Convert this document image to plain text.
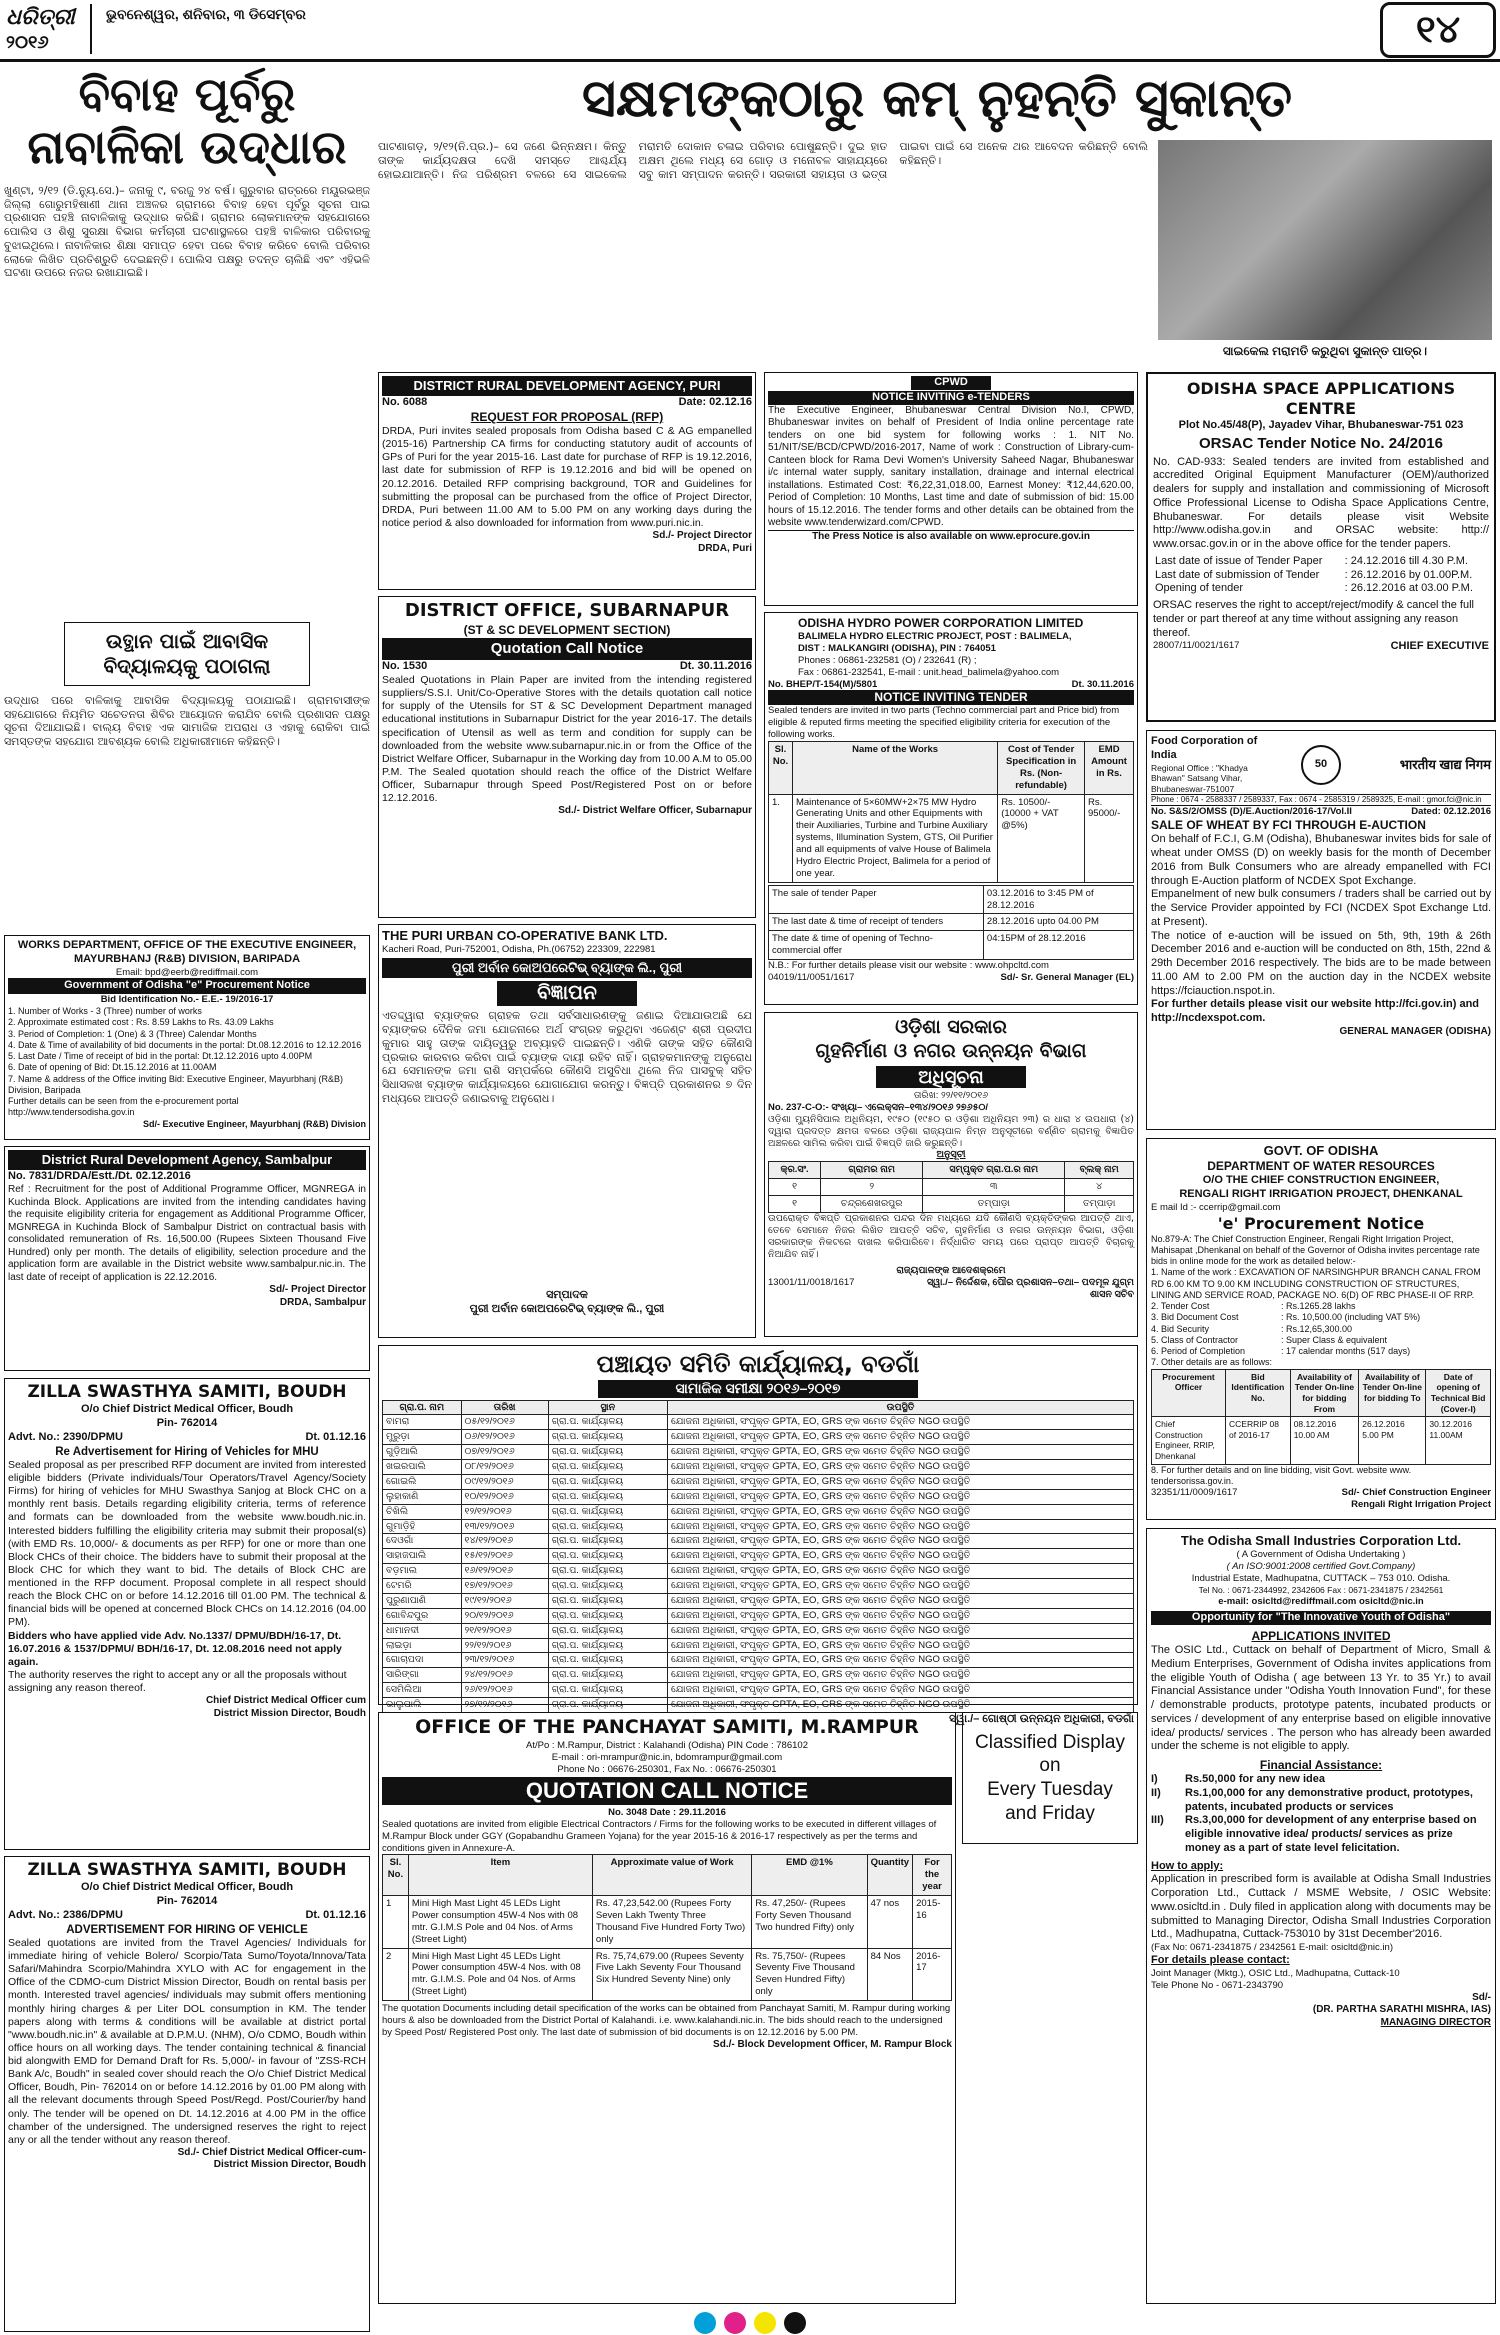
ଧରିତ୍ରୀ
୨୦୧୬
ଭୁବନେଶ୍ୱର, ଶନିବାର, ୩ ଡିସେମ୍ବର	୧୪
ବିବାହ ପୂର୍ବରୁ
ନାବାଳିକା ଉଦ୍ଧାର
ଖୁଣ୍ଟା, ୨/୧୨ (ଡି.ନ୍ୟୁ.ସେ.)– ଜନାକୁ ୯, ବରଜୁ ୨୪ ବର୍ଷ। ଗୁରୁବାର ରାତ୍ରରେ ମୟୂରଭଞ୍ଜ ଜିଲ୍ଲା ଗୋରୁମହିଷାଣୀ ଥାନା ଅଞ୍ଚଳର ଗ୍ରାମରେ ବିବାହ ହେବା ପୂର୍ବରୁ ସୂଚନା ପାଇ ପ୍ରଶାସନ ପହଞ୍ଚି ନାବାଳିକାକୁ ଉଦ୍ଧାର କରିଛି। ଗ୍ରାମର ଲୋକମାନଙ୍କ ସହଯୋଗରେ ପୋଲିସ ଓ ଶିଶୁ ସୁରକ୍ଷା ବିଭାଗ କର୍ମଚାରୀ ଘଟଣାସ୍ଥଳରେ ପହଞ୍ଚି ବାଳିକାର ପରିବାରକୁ ବୁଝାଇଥିଲେ। ନାବାଳିକାର ଶିକ୍ଷା ସମାପ୍ତ ହେବା ପରେ ବିବାହ କରିବେ ବୋଲି ପରିବାର ଲୋକେ ଲିଖିତ ପ୍ରତିଶ୍ରୁତି ଦେଇଛନ୍ତି। ପୋଲିସ ପକ୍ଷରୁ ତଦନ୍ତ ଚାଲିଛି ଏବଂ ଏହିଭଳି ଘଟଣା ଉପରେ ନଜର ରଖାଯାଇଛି।
ଉତ୍ଥାନ ପାଇଁ ଆବାସିକ ବିଦ୍ୟାଳୟକୁ ପଠାଗଲା
ଉଦ୍ଧାର ପରେ ବାଳିକାକୁ ଆବାସିକ ବିଦ୍ୟାଳୟକୁ ପଠାଯାଇଛି। ଗ୍ରାମବାସୀଙ୍କ ସହଯୋଗରେ ନିୟମିତ ସଚେତନତା ଶିବିର ଆୟୋଜନ କରାଯିବ ବୋଲି ପ୍ରଶାସନ ପକ୍ଷରୁ ସୂଚନା ଦିଆଯାଇଛି। ବାଲ୍ୟ ବିବାହ ଏକ ସାମାଜିକ ଅପରାଧ ଓ ଏହାକୁ ରୋକିବା ପାଇଁ ସମସ୍ତଙ୍କ ସହଯୋଗ ଆବଶ୍ୟକ ବୋଲି ଅଧିକାରୀମାନେ କହିଛନ୍ତି।
ସକ୍ଷମଙ୍କଠାରୁ କମ୍ ନୁହନ୍ତି ସୁକାନ୍ତ
ପାଟଣାଗଡ଼, ୨/୧୨(ନି.ପ୍ର.)– ସେ ଜଣେ ଭିନ୍ନକ୍ଷମ। କିନ୍ତୁ ତାଙ୍କ କାର୍ଯ୍ୟଦକ୍ଷତା ଦେଖି ସମସ୍ତେ ଆଶ୍ଚର୍ଯ୍ୟ ହୋଇଯାଆନ୍ତି। ନିଜ ପରିଶ୍ରମ ବଳରେ ସେ ସାଇକେଲ ମରାମତି ଦୋକାନ ଚଳାଇ ପରିବାର ପୋଷୁଛନ୍ତି। ଦୁଇ ହାତ ଅକ୍ଷମ ଥିଲେ ମଧ୍ୟ ସେ ଗୋଡ଼ ଓ ମନୋବଳ ସାହାଯ୍ୟରେ ସବୁ କାମ ସମ୍ପାଦନ କରନ୍ତି। ସରକାରୀ ସହାୟତା ଓ ଭତ୍ତା ପାଇବା ପାଇଁ ସେ ଅନେକ ଥର ଆବେଦନ କରିଛନ୍ତି ବୋଲି କହିଛନ୍ତି।
ସାଇକେଲ ମରାମତି କରୁଥିବା ସୁକାନ୍ତ ପାତ୍ର।
WORKS DEPARTMENT, OFFICE OF THE EXECUTIVE ENGINEER, MAYURBHANJ (R&B) DIVISION, BARIPADA
Email: bpd@eerb@rediffmail.com
Government of Odisha "e" Procurement Notice
Bid Identification No.- E.E.- 19/2016-17
1. Number of Works - 3 (Three) number of works
2. Approximate estimated cost : Rs. 8.59 Lakhs to Rs. 43.09 Lakhs
3. Period of Completion: 1 (One) & 3 (Three) Calendar Months
4. Date & Time of availability of bid documents in the portal: Dt.08.12.2016 to 12.12.2016
5. Last Date / Time of receipt of bid in the portal: Dt.12.12.2016 upto 4.00PM
6. Date of opening of Bid: Dt.15.12.2016 at 11.00AM
7. Name & address of the Office inviting Bid: Executive Engineer, Mayurbhanj (R&B) Division, Baripada
Further details can be seen from the e-procurement portal http://www.tendersodisha.gov.in
Sd/- Executive Engineer, Mayurbhanj (R&B) Division
District Rural Development Agency, Sambalpur
No. 7831/DRDA/Estt./Dt. 02.12.2016
Ref : Recruitment for the post of Additional Programme Officer, MGNREGA in Kuchinda Block. Applications are invited from the intending candidates having the requisite eligibility criteria for engagement as Additional Programme Officer, MGNREGA in Kuchinda Block of Sambalpur District on contractual basis with consolidated remuneration of Rs. 16,500.00 (Rupees Sixteen Thousand Five Hundred) only per month. The details of eligibility, selection procedure and the application form are available in the District website www.sambalpur.nic.in. The last date of receipt of application is 22.12.2016.
Sd/- Project Director
DRDA, Sambalpur
ZILLA SWASTHYA SAMITI, BOUDH
O/o Chief District Medical Officer, Boudh
Pin- 762014
Advt. No.: 2390/DPMU	Dt. 01.12.16
Re Advertisement for Hiring of Vehicles for MHU
Sealed proposal as per prescribed RFP document are invited from interested eligible bidders (Private individuals/Tour Operators/Travel Agency/Society Firms) for hiring of vehicles for MHU Swasthya Sanjog at Block CHC on a monthly rent basis. Details regarding eligibility criteria, terms of reference and formats can be downloaded from the website www.boudh.nic.in. Interested bidders fulfilling the eligibility criteria may submit their proposal(s) (with EMD Rs. 10,000/- & documents as per RFP) for one or more than one Block CHCs of their choice. The bidders have to submit their proposal at the Block CHC for which they want to bid. The details of Block CHC are mentioned in the RFP document. Proposal complete in all respect should reach the Block CHC on or before 14.12.2016 till 01.00 PM. The technical & financial bids will be opened at concerned Block CHCs on 14.12.2016 (04.00 PM).
Bidders who have applied vide Adv. No.1337/ DPMU/BDH/16-17, Dt. 16.07.2016 & 1537/DPMU/ BDH/16-17, Dt. 12.08.2016 need not apply again.
The authority reserves the right to accept any or all the proposals without assigning any reason thereof.
Chief District Medical Officer cum
District Mission Director, Boudh
ZILLA SWASTHYA SAMITI, BOUDH
O/o Chief District Medical Officer, Boudh
Pin- 762014
Advt. No.: 2386/DPMU	Dt. 01.12.16
ADVERTISEMENT FOR HIRING OF VEHICLE
Sealed quotations are invited from the Travel Agencies/ Individuals for immediate hiring of vehicle Bolero/ Scorpio/Tata Sumo/Toyota/Innova/Tata Safari/Mahindra Scorpio/Mahindra XYLO with AC for engagement in the Office of the CDMO-cum District Mission Director, Boudh on rental basis per month. Interested travel agencies/ individuals may submit offers mentioning monthly hiring charges & per Liter DOL consumption in KM. The tender papers along with terms & conditions will be available at district portal "www.boudh.nic.in" & available at D.P.M.U. (NHM), O/o CDMO, Boudh within office hours on all working days. The tender containing technical & financial bid alongwith EMD for Demand Draft for Rs. 5,000/- in favour of "ZSS-RCH Bank A/c, Boudh" in sealed cover should reach the O/o Chief District Medical Officer, Boudh, Pin- 762014 on or before 14.12.2016 by 01.00 PM along with all the relevant documents through Speed Post/Regd. Post/Courier/by hand only. The tender will be opened on Dt. 14.12.2016 at 4.00 PM in the office chamber of the undersigned. The undersigned reserves the right to reject any or all the tender without any reason thereof.
Sd./- Chief District Medical Officer-cum-
District Mission Director, Boudh
DISTRICT RURAL DEVELOPMENT AGENCY, PURI
No. 6088	Date: 02.12.16
REQUEST FOR PROPOSAL (RFP)
DRDA, Puri invites sealed proposals from Odisha based C & AG empanelled (2015-16) Partnership CA firms for conducting statutory audit of accounts of GPs of Puri for the year 2015-16. Last date for purchase of RFP is 19.12.2016, last date for submission of RFP is 19.12.2016 and bid will be opened on 20.12.2016. Detailed RFP comprising background, TOR and Guidelines for submitting the proposal can be purchased from the office of Project Director, DRDA, Puri between 11.00 AM to 5.00 PM on any working days during the notice period & also downloaded for information from www.puri.nic.in.
Sd./- Project Director
DRDA, Puri
DISTRICT OFFICE, SUBARNAPUR
(ST & SC DEVELOPMENT SECTION)
Quotation Call Notice
No. 1530	Dt. 30.11.2016
Sealed Quotations in Plain Paper are invited from the intending registered suppliers/S.S.I. Unit/Co-Operative Stores with the details quotation call notice for supply of the Utensils for ST & SC Development Department managed educational institutions in Subarnapur District for the year 2016-17. The details specification of Utensil as well as term and condition for supply can be downloaded from the website www.subarnapur.nic.in or from the Office of the District Welfare Officer, Subarnapur in the Working day from 10.00 A.M to 05.00 P.M. The Sealed quotation should reach the office of the District Welfare Officer, Subarnapur through Speed Post/Registered Post on or before 12.12.2016.
Sd./- District Welfare Officer, Subarnapur
THE PURI URBAN CO-OPERATIVE BANK LTD.
Kacheri Road, Puri-752001, Odisha, Ph.(06752) 223309, 222981
ପୁରୀ ଅର୍ବାନ କୋଅପରେଟିଭ୍ ବ୍ୟାଙ୍କ ଲି., ପୁରୀ
ବିଜ୍ଞାପନ
ଏତଦ୍ଦ୍ୱାରା ବ୍ୟାଙ୍କର ଗ୍ରାହକ ତଥା ସର୍ବସାଧାରଣଙ୍କୁ ଜଣାଇ ଦିଆଯାଉଅଛି ଯେ ବ୍ୟାଙ୍କର ଦୈନିକ ଜମା ଯୋଜନାରେ ଅର୍ଥ ସଂଗ୍ରହ କରୁଥିବା ଏଜେଣ୍ଟ ଶ୍ରୀ ପ୍ରଦୀପ କୁମାର ସାହୁ ତାଙ୍କ ଦାୟିତ୍ୱରୁ ଅବ୍ୟାହତି ପାଇଛନ୍ତି। ଏଣିକି ତାଙ୍କ ସହିତ କୌଣସି ପ୍ରକାର କାରବାର କରିବା ପାଇଁ ବ୍ୟାଙ୍କ ଦାୟୀ ରହିବ ନାହିଁ। ଗ୍ରାହକମାନଙ୍କୁ ଅନୁରୋଧ ଯେ ସେମାନଙ୍କ ଜମା ରାଶି ସମ୍ପର୍କରେ କୌଣସି ଅସୁବିଧା ଥିଲେ ନିଜ ପାସବୁକ୍ ସହିତ ସିଧାସଳଖ ବ୍ୟାଙ୍କ କାର୍ଯ୍ୟାଳୟରେ ଯୋଗାଯୋଗ କରନ୍ତୁ। ବିଜ୍ଞପ୍ତି ପ୍ରକାଶନର ୭ ଦିନ ମଧ୍ୟରେ ଆପତ୍ତି ଜଣାଇବାକୁ ଅନୁରୋଧ।
ସମ୍ପାଦକ
ପୁରୀ ଅର୍ବାନ କୋଅପରେଟିଭ୍ ବ୍ୟାଙ୍କ ଲି., ପୁରୀ
CPWD
NOTICE INVITING e-TENDERS
The Executive Engineer, Bhubaneswar Central Division No.I, CPWD, Bhubaneswar invites on behalf of President of India online percentage rate tenders on one bid system for following works : 1. NIT No. 51/NIT/SE/BCD/CPWD/2016-2017, Name of work : Construction of Library-cum-Canteen block for Rama Devi Women's University Saheed Nagar, Bhubaneswar i/c internal water supply, sanitary installation, drainage and internal electrical installations. Estimated Cost: ₹6,22,31,018.00, Earnest Money: ₹12,44,620.00, Period of Completion: 10 Months, Last time and date of submission of bid: 15.00 hours of 15.12.2016. The tender forms and other details can be obtained from the website www.tenderwizard.com/CPWD.
The Press Notice is also available on www.eprocure.gov.in
ODISHA HYDRO POWER CORPORATION LIMITED
BALIMELA HYDRO ELECTRIC PROJECT, POST : BALIMELA,
DIST : MALKANGIRI (ODISHA), PIN : 764051
Phones : 06861-232581 (O) / 232641 (R) ;
Fax : 06861-232541, E-mail : unit.head_balimela@yahoo.com
No. BHEP/T-154(M)/5801	Dt. 30.11.2016
NOTICE INVITING TENDER
Sealed tenders are invited in two parts (Techno commercial part and Price bid) from eligible & reputed firms meeting the specified eligibility criteria for execution of the following works.
Sl. No.	Name of the Works	Cost of Tender Specification in Rs. (Non-refundable)	EMD Amount in Rs.
1.	Maintenance of 5×60MW+2×75 MW Hydro Generating Units and other Equipments with their Auxiliaries, Turbine and Turbine Auxiliary systems, Illumination System, GTS, Oil Purifier and all equipments of valve House of Balimela Hydro Electric Project, Balimela for a period of one year.	Rs. 10500/- (10000 + VAT @5%)	Rs. 95000/-
The sale of tender Paper	03.12.2016 to 3:45 PM of 28.12.2016
The last date & time of receipt of tenders	28.12.2016 upto 04.00 PM
The date & time of opening of Techno-commercial offer	04:15PM of 28.12.2016
N.B.: For further details please visit our website : www.ohpcltd.com
04019/11/0051/1617	Sd/- Sr. General Manager (EL)
ଓଡ଼ିଶା ସରକାର
ଗୃହନିର୍ମାଣ ଓ ନଗର ଉନ୍ନୟନ ବିଭାଗ
ଅଧିସୂଚନା
ତାରିଖ: ୨୨/୧୧/୨୦୧୬
No. 237-C-O:- ସଂଖ୍ୟା– ଏଲେକ୍ସନ–୧୩୪/୨୦୧୬ ୨୭୬୫୦/
ଓଡ଼ିଶା ମ୍ୟୁନିସିପାଲ ଅଧିନିୟମ, ୧୯୫୦ (୧୯୫୦ ର ଓଡ଼ିଶା ଅଧିନିୟମ ୨୩) ର ଧାରା ୪ ଉପଧାରା (୪) ଦ୍ୱାରା ପ୍ରଦତ୍ତ କ୍ଷମତା ବଳରେ ଓଡ଼ିଶା ରାଜ୍ୟପାଳ ନିମ୍ନ ଅନୁସୂଚୀରେ ବର୍ଣ୍ଣିତ ଗ୍ରାମକୁ ବିଜ୍ଞାପିତ ଅଞ୍ଚଳରେ ସାମିଲ କରିବା ପାଇଁ ବିଜ୍ଞପ୍ତି ଜାରି କରୁଛନ୍ତି।
ଅନୁସୂଚୀ
କ୍ର.ସଂ.	ଗ୍ରାମର ନାମ	ସମ୍ପୃକ୍ତ ଗ୍ରା.ପ.ର ନାମ	ବ୍ଲକ୍ ନାମ
୧	୨	୩	୪
୧	ଚନ୍ଦ୍ରଶେଖରପୁର	ତମ୍ପାଡ଼ା	ତମ୍ପାଡ଼ା
ଉପରୋକ୍ତ ବିଜ୍ଞପ୍ତି ପ୍ରକାଶନର ପନ୍ଦର ଦିନ ମଧ୍ୟରେ ଯଦି କୌଣସି ବ୍ୟକ୍ତିଙ୍କର ଆପତ୍ତି ଥାଏ, ତେବେ ସେମାନେ ନିଜର ଲିଖିତ ଆପତ୍ତି ସଚିବ, ଗୃହନିର୍ମାଣ ଓ ନଗର ଉନ୍ନୟନ ବିଭାଗ, ଓଡ଼ିଶା ସରକାରଙ୍କ ନିକଟରେ ଦାଖଲ କରିପାରିବେ। ନିର୍ଦ୍ଧାରିତ ସମୟ ପରେ ପ୍ରାପ୍ତ ଆପତ୍ତି ବିଚାରକୁ ନିଆଯିବ ନାହିଁ।
ରାଜ୍ୟପାଳଙ୍କ ଆଦେଶକ୍ରମେ
13001/11/0018/1617	ସ୍ୱା./– ନିର୍ଦ୍ଦେଶକ, ପୌର ପ୍ରଶାସନ–ତଥା– ପଦମୂଳ ଯୁଗ୍ମ ଶାସନ ସଚିବ
ପଞ୍ଚାୟତ ସମିତି କାର୍ଯ୍ୟାଳୟ, ବଡଗାଁ
ସାମାଜିକ ସମୀକ୍ଷା ୨୦୧୬–୨୦୧୭
ଗ୍ରା.ପ. ନାମ	ତାରିଖ	ସ୍ଥାନ	ଉପସ୍ଥିତି
ବାମରା	୦୫/୧୨/୨୦୧୬	ଗ୍ରା.ପ. କାର୍ଯ୍ୟାଳୟ	ଯୋଜନା ଅଧିକାରୀ, ସଂପୃକ୍ତ GPTA, EO, GRS ଙ୍କ ସମେତ ଚିହ୍ନିତ NGO ଉପସ୍ଥିତି
ମୁରୁଡ଼ା	୦୬/୧୨/୨୦୧୬	ଗ୍ରା.ପ. କାର୍ଯ୍ୟାଳୟ	ଯୋଜନା ଅଧିକାରୀ, ସଂପୃକ୍ତ GPTA, EO, GRS ଙ୍କ ସମେତ ଚିହ୍ନିତ NGO ଉପସ୍ଥିତି
ଗୁଡ଼ିଆଲି	୦୭/୧୨/୨୦୧୬	ଗ୍ରା.ପ. କାର୍ଯ୍ୟାଳୟ	ଯୋଜନା ଅଧିକାରୀ, ସଂପୃକ୍ତ GPTA, EO, GRS ଙ୍କ ସମେତ ଚିହ୍ନିତ NGO ଉପସ୍ଥିତି
ଖଇରପାଲି	୦୮/୧୨/୨୦୧୬	ଗ୍ରା.ପ. କାର୍ଯ୍ୟାଳୟ	ଯୋଜନା ଅଧିକାରୀ, ସଂପୃକ୍ତ GPTA, EO, GRS ଙ୍କ ସମେତ ଚିହ୍ନିତ NGO ଉପସ୍ଥିତି
ଗୋଇଲି	୦୯/୧୨/୨୦୧୬	ଗ୍ରା.ପ. କାର୍ଯ୍ୟାଳୟ	ଯୋଜନା ଅଧିକାରୀ, ସଂପୃକ୍ତ GPTA, EO, GRS ଙ୍କ ସମେତ ଚିହ୍ନିତ NGO ଉପସ୍ଥିତି
ଲୁହାକାଣି	୧୦/୧୨/୨୦୧୬	ଗ୍ରା.ପ. କାର୍ଯ୍ୟାଳୟ	ଯୋଜନା ଅଧିକାରୀ, ସଂପୃକ୍ତ GPTA, EO, GRS ଙ୍କ ସମେତ ଚିହ୍ନିତ NGO ଉପସ୍ଥିତି
ଚିଖିଲି	୧୨/୧୨/୨୦୧୬	ଗ୍ରା.ପ. କାର୍ଯ୍ୟାଳୟ	ଯୋଜନା ଅଧିକାରୀ, ସଂପୃକ୍ତ GPTA, EO, GRS ଙ୍କ ସମେତ ଚିହ୍ନିତ NGO ଉପସ୍ଥିତି
ଗୁମାଡ଼ିହି	୧୩/୧୨/୨୦୧୬	ଗ୍ରା.ପ. କାର୍ଯ୍ୟାଳୟ	ଯୋଜନା ଅଧିକାରୀ, ସଂପୃକ୍ତ GPTA, EO, GRS ଙ୍କ ସମେତ ଚିହ୍ନିତ NGO ଉପସ୍ଥିତି
ଦେଓଗାଁ	୧୪/୧୨/୨୦୧୬	ଗ୍ରା.ପ. କାର୍ଯ୍ୟାଳୟ	ଯୋଜନା ଅଧିକାରୀ, ସଂପୃକ୍ତ GPTA, EO, GRS ଙ୍କ ସମେତ ଚିହ୍ନିତ NGO ଉପସ୍ଥିତି
ସାହାଜପାଲି	୧୫/୧୨/୨୦୧୬	ଗ୍ରା.ପ. କାର୍ଯ୍ୟାଳୟ	ଯୋଜନା ଅଧିକାରୀ, ସଂପୃକ୍ତ GPTA, EO, GRS ଙ୍କ ସମେତ ଚିହ୍ନିତ NGO ଉପସ୍ଥିତି
ବଡ଼ମାଲ	୧୬/୧୨/୨୦୧୬	ଗ୍ରା.ପ. କାର୍ଯ୍ୟାଳୟ	ଯୋଜନା ଅଧିକାରୀ, ସଂପୃକ୍ତ GPTA, EO, GRS ଙ୍କ ସମେତ ଚିହ୍ନିତ NGO ଉପସ୍ଥିତି
ଟେମରି	୧୭/୧୨/୨୦୧୬	ଗ୍ରା.ପ. କାର୍ଯ୍ୟାଳୟ	ଯୋଜନା ଅଧିକାରୀ, ସଂପୃକ୍ତ GPTA, EO, GRS ଙ୍କ ସମେତ ଚିହ୍ନିତ NGO ଉପସ୍ଥିତି
ପୁରୁଣାପାଣି	୧୯/୧୨/୨୦୧୬	ଗ୍ରା.ପ. କାର୍ଯ୍ୟାଳୟ	ଯୋଜନା ଅଧିକାରୀ, ସଂପୃକ୍ତ GPTA, EO, GRS ଙ୍କ ସମେତ ଚିହ୍ନିତ NGO ଉପସ୍ଥିତି
ଗୋବିନ୍ଦପୁର	୨୦/୧୨/୨୦୧୬	ଗ୍ରା.ପ. କାର୍ଯ୍ୟାଳୟ	ଯୋଜନା ଅଧିକାରୀ, ସଂପୃକ୍ତ GPTA, EO, GRS ଙ୍କ ସମେତ ଚିହ୍ନିତ NGO ଉପସ୍ଥିତି
ଧାମାନଦୀ	୨୧/୧୨/୨୦୧୬	ଗ୍ରା.ପ. କାର୍ଯ୍ୟାଳୟ	ଯୋଜନା ଅଧିକାରୀ, ସଂପୃକ୍ତ GPTA, EO, GRS ଙ୍କ ସମେତ ଚିହ୍ନିତ NGO ଉପସ୍ଥିତି
ଲାଇଡ଼ା	୨୨/୧୨/୨୦୧୬	ଗ୍ରା.ପ. କାର୍ଯ୍ୟାଳୟ	ଯୋଜନା ଅଧିକାରୀ, ସଂପୃକ୍ତ GPTA, EO, GRS ଙ୍କ ସମେତ ଚିହ୍ନିତ NGO ଉପସ୍ଥିତି
ଗୋଚାପଦା	୨୩/୧୨/୨୦୧୬	ଗ୍ରା.ପ. କାର୍ଯ୍ୟାଳୟ	ଯୋଜନା ଅଧିକାରୀ, ସଂପୃକ୍ତ GPTA, EO, GRS ଙ୍କ ସମେତ ଚିହ୍ନିତ NGO ଉପସ୍ଥିତି
ସାରିଙ୍ଗା	୨୪/୧୨/୨୦୧୬	ଗ୍ରା.ପ. କାର୍ଯ୍ୟାଳୟ	ଯୋଜନା ଅଧିକାରୀ, ସଂପୃକ୍ତ GPTA, EO, GRS ଙ୍କ ସମେତ ଚିହ୍ନିତ NGO ଉପସ୍ଥିତି
ସେମିଲିଆ	୨୬/୧୨/୨୦୧୬	ଗ୍ରା.ପ. କାର୍ଯ୍ୟାଳୟ	ଯୋଜନା ଅଧିକାରୀ, ସଂପୃକ୍ତ GPTA, EO, GRS ଙ୍କ ସମେତ ଚିହ୍ନିତ NGO ଉପସ୍ଥିତି
ଭାଲୁପାଲି	୨୭/୧୨/୨୦୧୬	ଗ୍ରା.ପ. କାର୍ଯ୍ୟାଳୟ	ଯୋଜନା ଅଧିକାରୀ, ସଂପୃକ୍ତ GPTA, EO, GRS ଙ୍କ ସମେତ ଚିହ୍ନିତ NGO ଉପସ୍ଥିତି
ସ୍ୱା./– ଗୋଷ୍ଠୀ ଉନ୍ନୟନ ଅଧିକାରୀ, ବଡଗାଁ
Classified Display
on
Every Tuesday
and Friday
OFFICE OF THE PANCHAYAT SAMITI, M.RAMPUR
At/Po : M.Rampur, District : Kalahandi (Odisha) PIN Code : 786102
E-mail : ori-mrampur@nic.in, bdomrampur@gmail.com
Phone No : 06676-250301, Fax No. : 06676-250301
QUOTATION CALL NOTICE
No. 3048 Date : 29.11.2016
Sealed quotations are invited from eligible Electrical Contractors / Firms for the following works to be executed in different villages of M.Rampur Block under GGY (Gopabandhu Grameen Yojana) for the year 2015-16 & 2016-17 respectively as per the terms and conditions given in Annexure-A.
Sl. No.	Item	Approximate value of Work	EMD @1%	Quantity	For the year
1	Mini High Mast Light 45 LEDs Light Power consumption 45W-4 Nos with 08 mtr. G.I.M.S Pole and 04 Nos. of Arms (Street Light)	Rs. 47,23,542.00 (Rupees Forty Seven Lakh Twenty Three Thousand Five Hundred Forty Two) only	Rs. 47,250/- (Rupees Forty Seven Thousand Two hundred Fifty) only	47 nos	2015-16
2	Mini High Mast Light 45 LEDs Light Power consumption 45W-4 Nos. with 08 mtr. G.I.M.S. Pole and 04 Nos. of Arms (Street Light)	Rs. 75,74,679.00 (Rupees Seventy Five Lakh Seventy Four Thousand Six Hundred Seventy Nine) only	Rs. 75,750/- (Rupees Seventy Five Thousand Seven Hundred Fifty) only	84 Nos	2016-17
The quotation Documents including detail specification of the works can be obtained from Panchayat Samiti, M. Rampur during working hours & also be downloaded from the District Portal of Kalahandi. i.e. www.kalahandi.nic.in. The bids should reach to the undersigned by Speed Post/ Registered Post only. The last date of submission of bid documents is on 12.12.2016 by 5.00 PM.
Sd./- Block Development Officer, M. Rampur Block
ODISHA SPACE APPLICATIONS CENTRE
Plot No.45/48(P), Jayadev Vihar, Bhubaneswar-751 023
ORSAC Tender Notice No. 24/2016
No. CAD-933: Sealed tenders are invited from established and accredited Original Equipment Manufacturer (OEM)/authorized dealers for supply and installation and commissioning of Microsoft Office Professional License to Odisha Space Applications Centre, Bhubaneswar. For details please visit Website http://www.odisha.gov.in and ORSAC website: http:// www.orsac.gov.in or in the above office for the tender papers.
Last date of issue of Tender Paper	: 24.12.2016 till 4.30 P.M.
Last date of submission of Tender	: 26.12.2016 by 01.00P.M.
Opening of tender	: 26.12.2016 at 03.00 P.M.
ORSAC reserves the right to accept/reject/modify & cancel the full tender or part thereof at any time without assigning any reason thereof.
28007/11/0021/1617	CHIEF EXECUTIVE
Food Corporation of India
Regional Office : "Khadya Bhawan" Satsang Vihar, Bhubaneswar-751007
50	भारतीय खाद्य निगम
Phone : 0674 - 2588337 / 2589337, Fax : 0674 - 2585319 / 2589325, E-mail : gmor.fci@nic.in
No. S&S/2/OMSS (D)/E.Auction/2016-17/Vol.II	Dated: 02.12.2016
SALE OF WHEAT BY FCI THROUGH E-AUCTION
On behalf of F.C.I, G.M (Odisha), Bhubaneswar invites bids for sale of wheat under OMSS (D) on weekly basis for the month of December 2016 from Bulk Consumers who are already empanelled with FCI through E-Auction platform of NCDEX Spot Exchange.
Empanelment of new bulk consumers / traders shall be carried out by the Service Provider appointed by FCI (NCDEX Spot Exchange Ltd. at Present).
The notice of e-auction will be issued on 5th, 9th, 19th & 26th December 2016 and e-auction will be conducted on 8th, 15th, 22nd & 29th December 2016 respectively. The bids are to be made between 11.00 AM to 2.00 PM on the auction day in the NCDEX website https://fciauction.nspot.in.
For further details please visit our website http://fci.gov.in) and http://ncdexspot.com.
GENERAL MANAGER (ODISHA)
GOVT. OF ODISHA
DEPARTMENT OF WATER RESOURCES
O/O THE CHIEF CONSTRUCTION ENGINEER,
RENGALI RIGHT IRRIGATION PROJECT, DHENKANAL
E mail Id :- ccerrip@gmail.com
'e' Procurement Notice
No.879-A: The Chief Construction Engineer, Rengali Right Irrigation Project, Mahisapat ,Dhenkanal on behalf of the Governor of Odisha invites percentage rate bids in online mode for the work as detailed below:-
1. Name of the work : EXCAVATION OF NARSINGHPUR BRANCH CANAL FROM RD 6.00 KM TO 9.00 KM INCLUDING CONSTRUCTION OF STRUCTURES, LINING AND SERVICE ROAD, PACKAGE NO. 6(D) OF RBC PHASE-II OF RRP.
2. Tender Cost	: Rs.1265.28 lakhs
3. Bid Document Cost	: Rs. 10,500.00 (including VAT 5%)
4. Bid Security	: Rs.12,65,300.00
5. Class of Contractor	: Super Class & equivalent
6. Period of Completion	: 17 calendar months (517 days)
7. Other details are as follows:
Procurement Officer	Bid Identification No.	Availability of Tender On-line for bidding From	Availability of Tender On-line for bidding To	Date of opening of Technical Bid (Cover-I)
Chief Construction Engineer, RRIP, Dhenkanal	CCERRIP 08 of 2016-17	08.12.2016 10.00 AM	26.12.2016 5.00 PM	30.12.2016 11.00AM
8. For further details and on line bidding, visit Govt. website www. tendersorissa.gov.in.
32351/11/0009/1617	Sd/- Chief Construction Engineer
Rengali Right Irrigation Project
The Odisha Small Industries Corporation Ltd.
( A Government of Odisha Undertaking )
( An ISO:9001:2008 certified Govt.Company)
Industrial Estate, Madhupatna, CUTTACK – 753 010. Odisha.
Tel No. : 0671-2344992, 2342606 Fax : 0671-2341875 / 2342561
e-mail: osicltd@rediffmail.com osicltd@nic.in
Opportunity for "The Innovative Youth of Odisha"
APPLICATIONS INVITED
The OSIC Ltd., Cuttack on behalf of Department of Micro, Small & Medium Enterprises, Government of Odisha invites applications from the eligible Youth of Odisha ( age between 13 Yr. to 35 Yr.) to avail Financial Assistance under "Odisha Youth Innovation Fund", for these / demonstrable products, prototype patents, incubated products or services / development of any enterprise based on eligible innovative idea/ products/ services . The person who has already been awarded under the scheme is not eligible to apply.
Financial Assistance:
I)	Rs.50,000 for any new idea
II)	Rs.1,00,000 for any demonstrative product, prototypes, patents, incubated products or services
III)	Rs.3,00,000 for development of any enterprise based on eligible innovative idea/ products/ services as prize money as a part of state level felicitation.
How to apply:
Application in prescribed form is available at Odisha Small Industries Corporation Ltd., Cuttack / MSME Website, / OSIC Website: www.osicltd.in . Duly filed in application along with documents may be submitted to Managing Director, Odisha Small Industries Corporation Ltd., Madhupatna, Cuttack-753010 by 31st December'2016.
(Fax No: 0671-2341875 / 2342561 E-mail: osicltd@nic.in)
For details please contact:
Joint Manager (Mktg.), OSIC Ltd., Madhupatna, Cuttack-10
Tele Phone No - 0671-2343790
Sd/-
(DR. PARTHA SARATHI MISHRA, IAS)
MANAGING DIRECTOR
